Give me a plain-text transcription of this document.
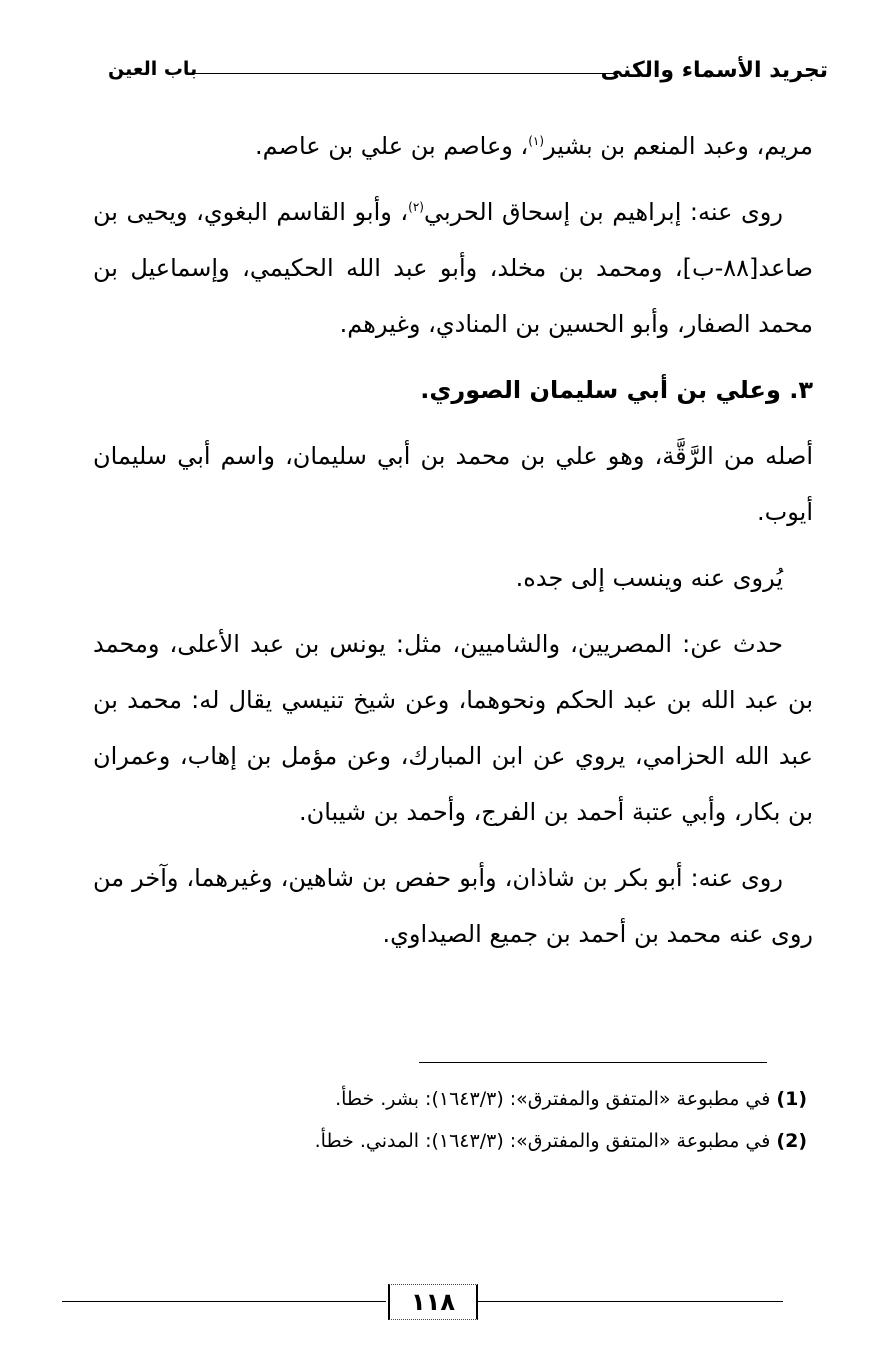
تجريد الأسماء والكنى
باب العين

مريم، وعبد المنعم بن بشير$^{(١)}$، وعاصم بن علي بن عاصم.

روى عنه: إبراهيم بن إسحاق الحربي$^{(٢)}$، وأبو القاسم البغوي، ويحيى بن صاعد[٨٨-ب]، ومحمد بن مخلد، وأبو عبد الله الحكيمي، وإسماعيل بن محمد الصفار، وأبو الحسين بن المنادي، وغيرهم.

٣. وعلي بن أبي سليمان الصوري.

أصله من الرَّقَّة، وهو علي بن محمد بن أبي سليمان، واسم أبي سليمان أيوب.

يُروى عنه وينسب إلى جده.

حدث عن: المصريين، والشاميين، مثل: يونس بن عبد الأعلى، ومحمد بن عبد الله بن عبد الحكم ونحوهما، وعن شيخ تنيسي يقال له: محمد بن عبد الله الحزامي، يروي عن ابن المبارك، وعن مؤمل بن إهاب، وعمران بن بكار، وأبي عتبة أحمد بن الفرج، وأحمد بن شيبان.

روى عنه: أبو بكر بن شاذان، وأبو حفص بن شاهين، وغيرهما، وآخر من روى عنه محمد بن أحمد بن جميع الصيداوي.

(1) في مطبوعة «المتفق والمفترق»: (١٦٤٣/٣): بشر. خطأ.

(2) في مطبوعة «المتفق والمفترق»: (١٦٤٣/٣): المدني. خطأ.

١١٨
